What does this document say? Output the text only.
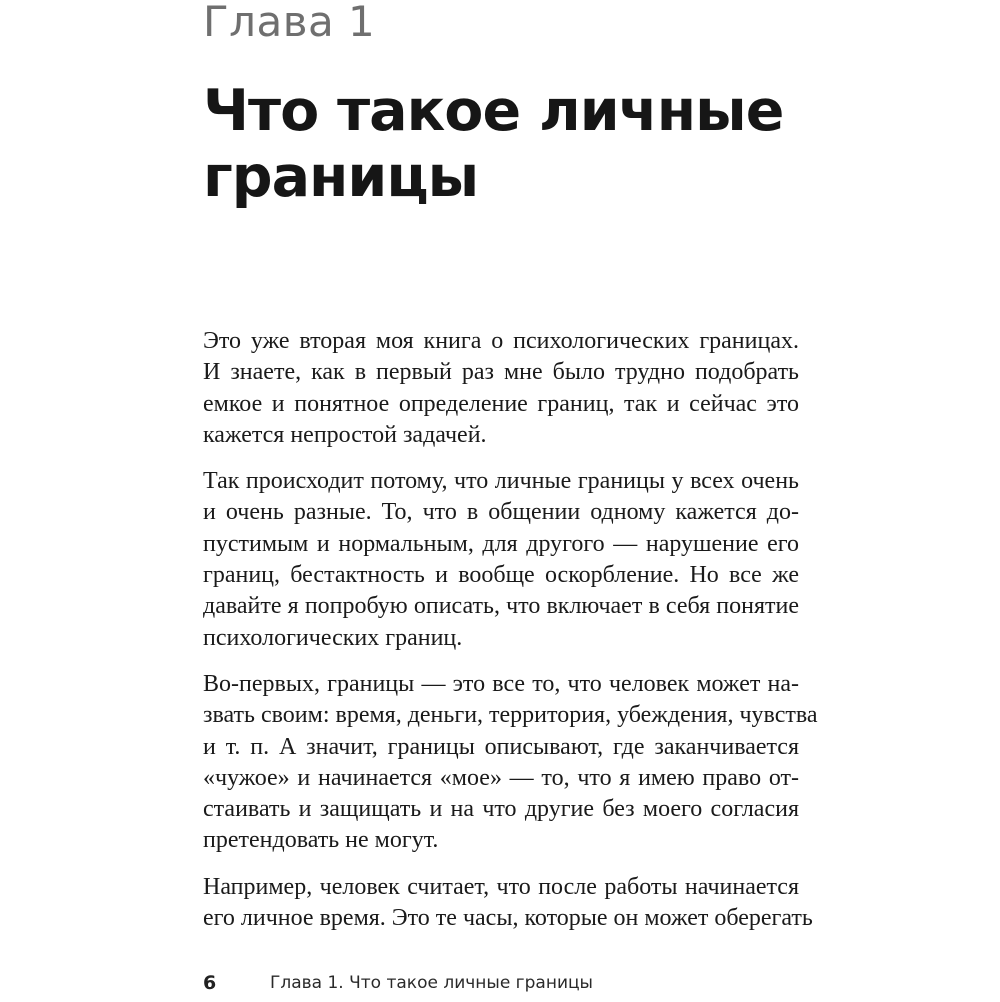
Глава 1
Что такое личные
границы

Это уже вторая моя книга о психологических границах.
И знаете, как в первый раз мне было трудно подобрать
емкое и понятное определение границ, так и сейчас это
кажется непростой задачей.

Так происходит потому, что личные границы у всех очень
и очень разные. То, что в общении одному кажется до-
пустимым и нормальным, для другого — нарушение его
границ, бестактность и вообще оскорбление. Но все же
давайте я попробую описать, что включает в себя понятие
психологических границ.

Во-первых, границы — это все то, что человек может на-
звать своим: время, деньги, территория, убеждения, чувства
и т. п. А значит, границы описывают, где заканчивается
«чужое» и начинается «мое» — то, что я имею право от-
стаивать и защищать и на что другие без моего согласия
претендовать не могут.

Например, человек считает, что после работы начинается
его личное время. Это те часы, которые он может оберегать

6	Глава 1. Что такое личные границы
